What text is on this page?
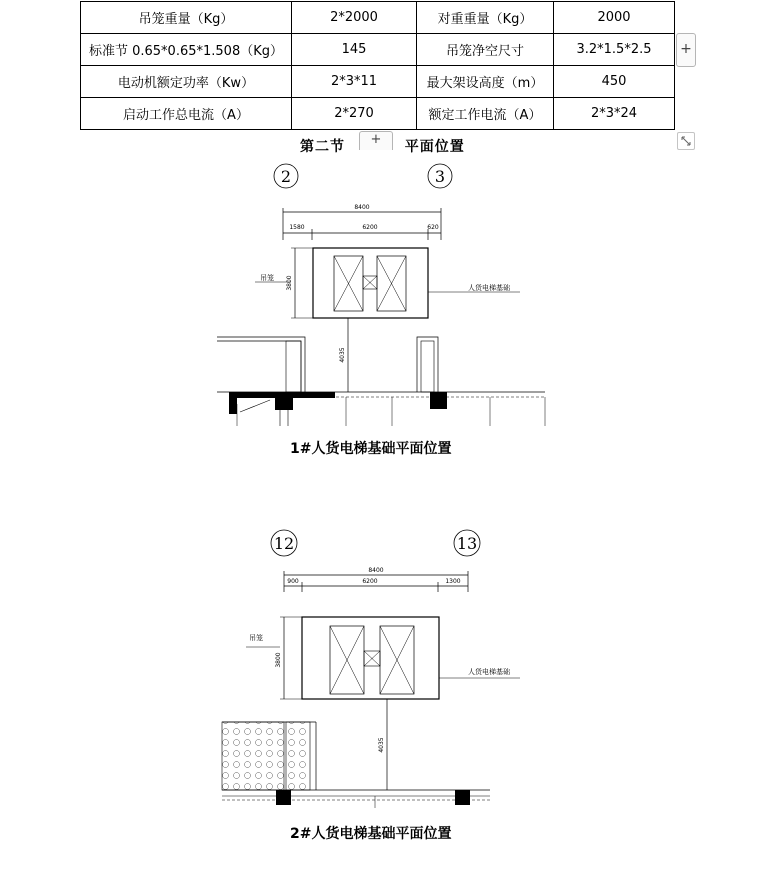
吊笼重量（Kg）	2*2000	对重重量（Kg）	2000
标准节 0.65*0.65*1.508（Kg）	145	吊笼净空尺寸	3.2*1.5*2.5
电动机额定功率（Kw）	2*3*11	最大架设高度（m）	450
启动工作总电流（A）	2*270	额定工作电流（A）	2*3*24
+
第二节	平面位置
+
2	3
8400
1580	6200	620
3800
吊笼
人货电梯基础
4035
12	13
8400
900	6200	1300
3800
吊笼
人货电梯基础
4035
1#人货电梯基础平面位置
2#人货电梯基础平面位置
